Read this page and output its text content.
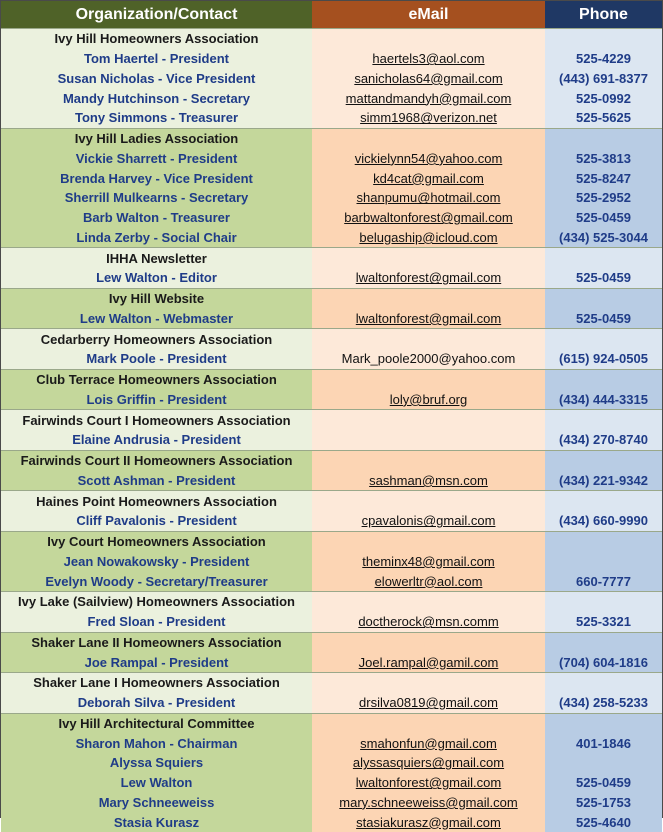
Organization/Contact	eMail	Phone
Ivy Hill Homeowners Association		
Tom Haertel - President	haertels3@aol.com	525-4229
Susan Nicholas - Vice President	sanicholas64@gmail.com	(443) 691-8377
Mandy Hutchinson - Secretary	mattandmandyh@gmail.com	525-0992
Tony Simmons - Treasurer	simm1968@verizon.net	525-5625
Ivy Hill Ladies Association		
Vickie Sharrett - President	vickielynn54@yahoo.com	525-3813
Brenda Harvey - Vice President	kd4cat@gmail.com	525-8247
Sherrill Mulkearns - Secretary	shanpumu@hotmail.com	525-2952
Barb Walton - Treasurer	barbwaltonforest@gmail.com	525-0459
Linda Zerby - Social Chair	belugaship@icloud.com	(434) 525-3044
IHHA Newsletter		
Lew Walton - Editor	lwaltonforest@gmail.com	525-0459
Ivy Hill Website		
Lew Walton - Webmaster	lwaltonforest@gmail.com	525-0459
Cedarberry Homeowners Association		
Mark Poole - President	Mark_poole2000@yahoo.com	(615) 924-0505
Club Terrace Homeowners Association		
Lois Griffin - President	loly@bruf.org	(434) 444-3315
Fairwinds Court I Homeowners Association		
Elaine Andrusia - President		(434) 270-8740
Fairwinds Court II Homeowners Association		
Scott Ashman - President	sashman@msn.com	(434) 221-9342
Haines Point Homeowners Association		
Cliff Pavalonis - President	cpavalonis@gmail.com	(434) 660-9990
Ivy Court Homeowners Association		
Jean Nowakowsky - President	theminx48@gmail.com	
Evelyn Woody - Secretary/Treasurer	elowerltr@aol.com	660-7777
Ivy Lake (Sailview) Homeowners Association		
Fred Sloan - President	doctherock@msn.comm	525-3321
Shaker Lane II Homeowners Association		
Joe Rampal - President	Joel.rampal@gamil.com	(704) 604-1816
Shaker Lane I Homeowners Association		
Deborah Silva - President	drsilva0819@gmail.com	(434) 258-5233
Ivy Hill Architectural Committee		
Sharon Mahon - Chairman	smahonfun@gmail.com	401-1846
Alyssa Squiers	alyssasquiers@gmail.com	
Lew Walton	lwaltonforest@gmail.com	525-0459
Mary Schneeweiss	mary.schneeweiss@gmail.com	525-1753
Stasia Kurasz	stasiakurasz@gmail.com	525-4640
